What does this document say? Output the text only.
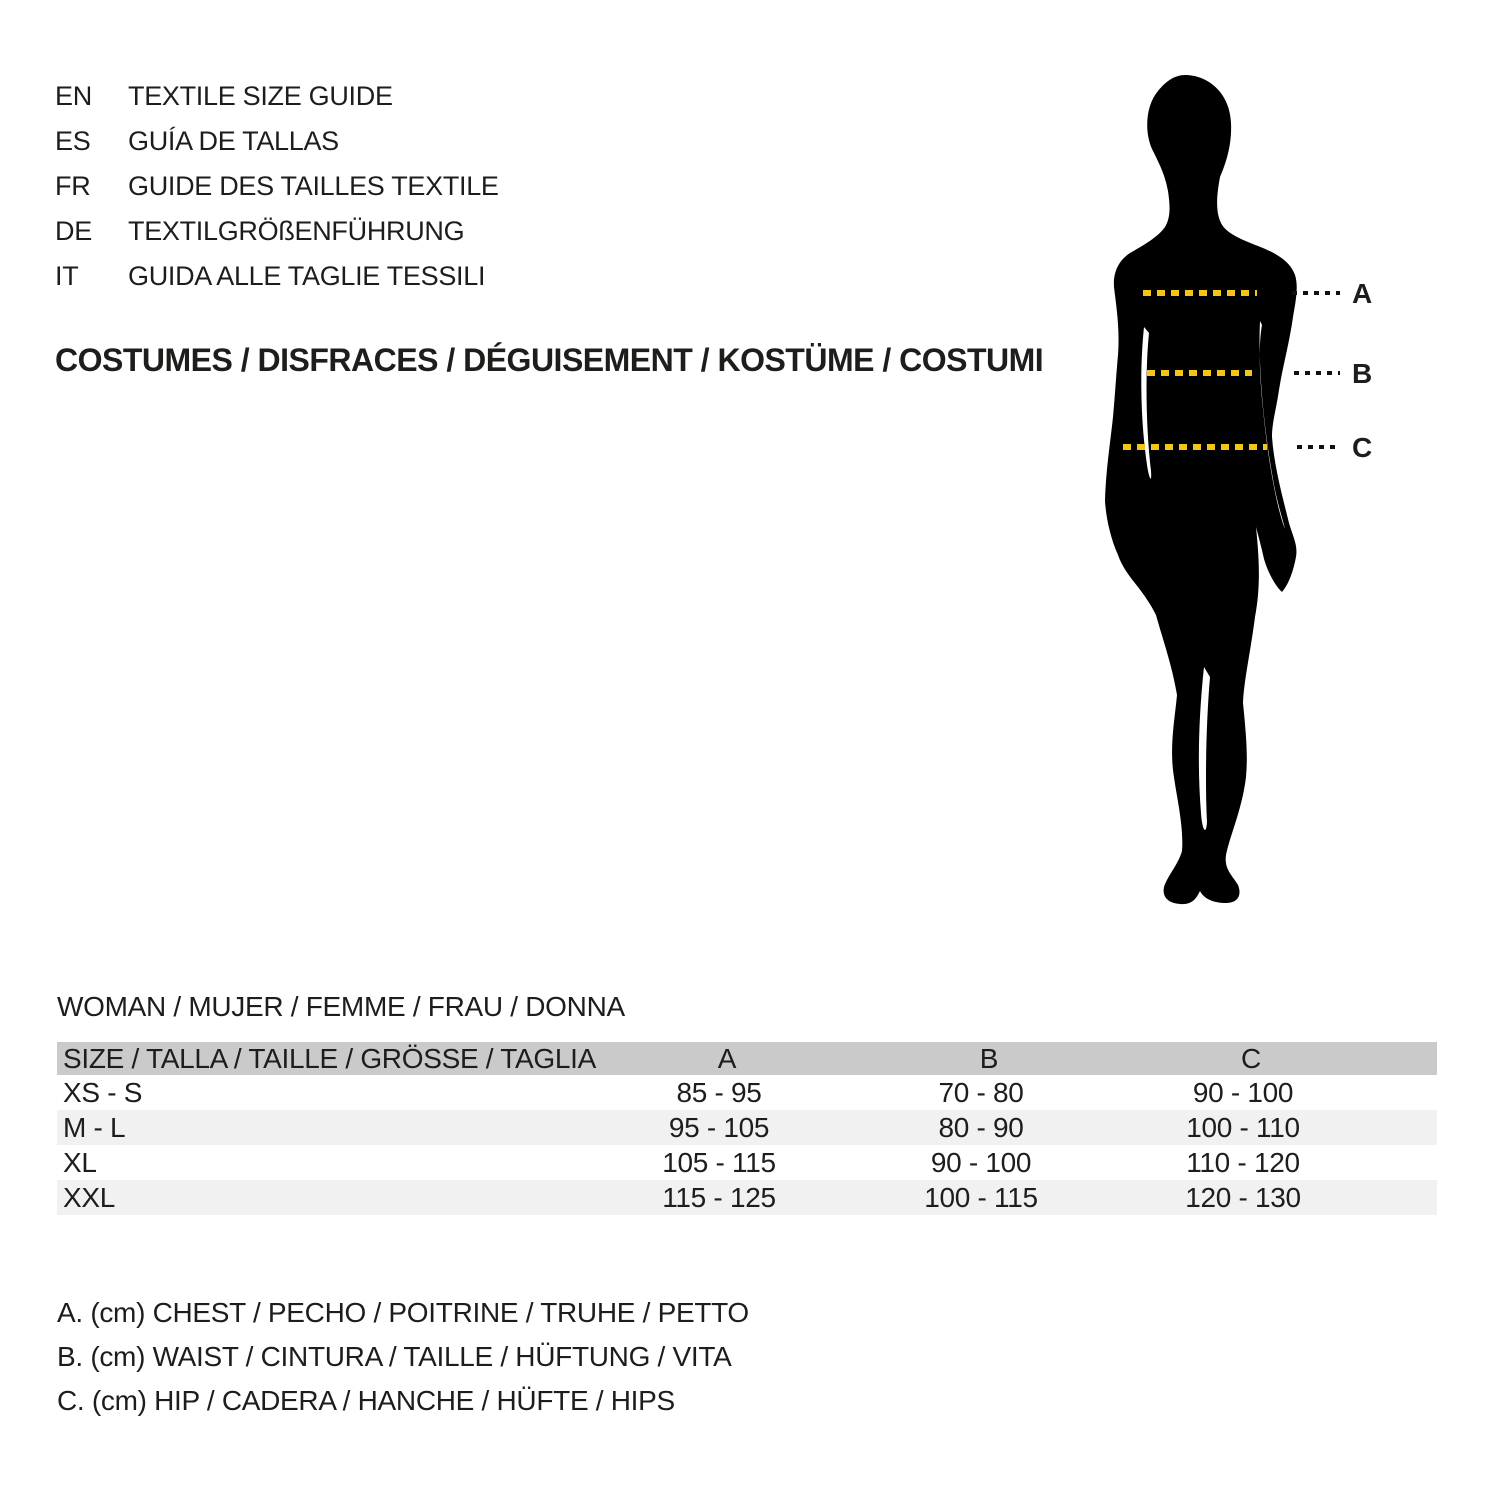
EN	TEXTILE SIZE GUIDE
ES	GUÍA DE TALLAS
FR	GUIDE DES TAILLES TEXTILE
DE	TEXTILGRÖßENFÜHRUNG
IT	GUIDA ALLE TAGLIE TESSILI
COSTUMES / DISFRACES / DÉGUISEMENT / KOSTÜME / COSTUMI
A
B
C
WOMAN / MUJER / FEMME / FRAU / DONNA
SIZE / TALLA / TAILLE / GRÖSSE / TAGLIA	A	B	C
XS - S	85 - 95	70 - 80	90 - 100
M - L	95 - 105	80 - 90	100 - 110
XL	105 - 115	90 - 100	110 - 120
XXL	115 - 125	100 - 115	120 - 130
A. (cm) CHEST / PECHO / POITRINE / TRUHE / PETTO
B. (cm) WAIST / CINTURA / TAILLE / HÜFTUNG / VITA
C. (cm) HIP / CADERA / HANCHE / HÜFTE / HIPS
